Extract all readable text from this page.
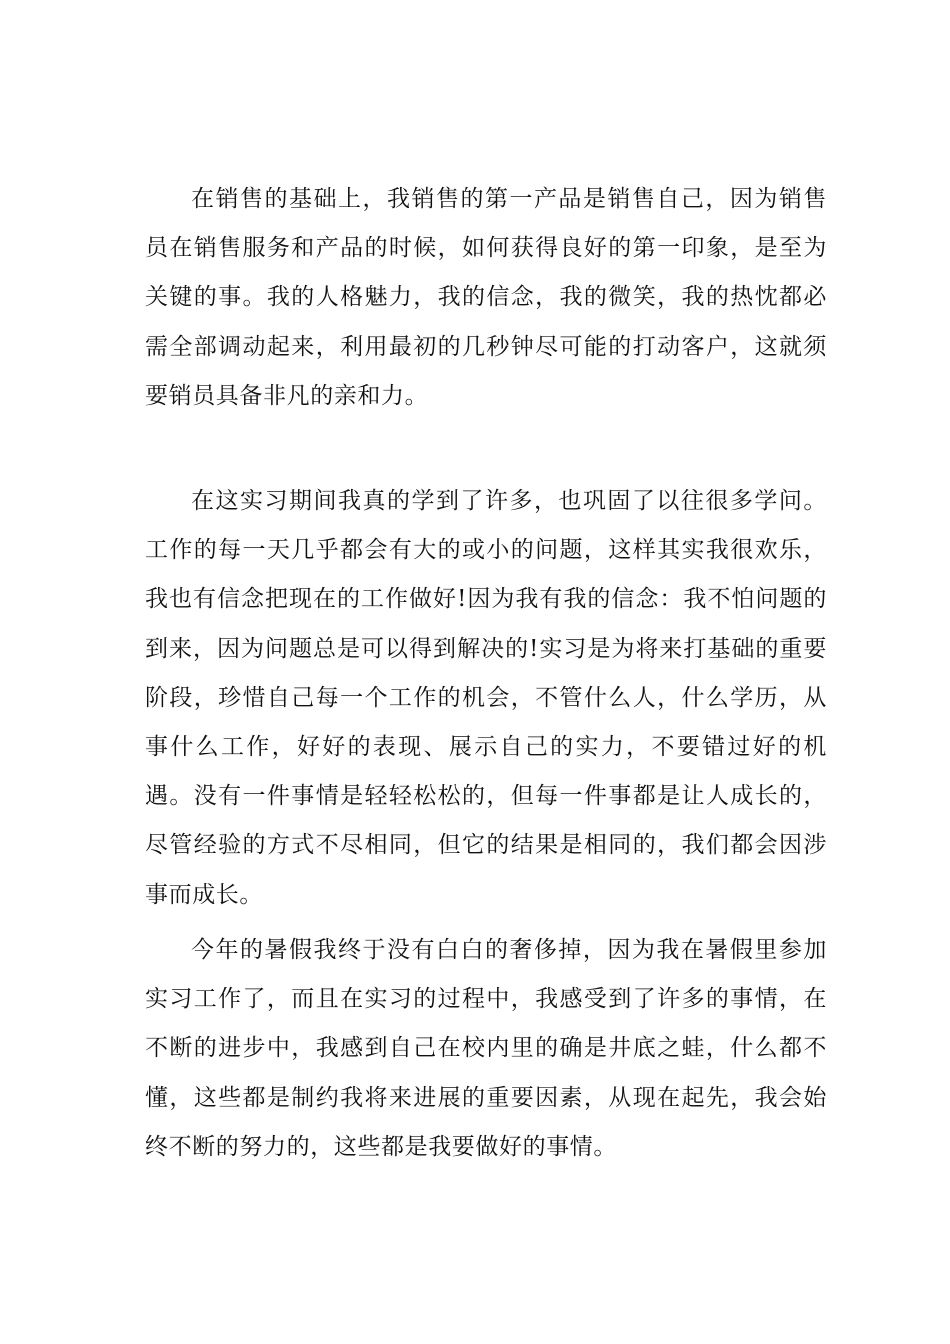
在销售的基础上，我销售的第一产品是销售自己，因为销售员在销售服务和产品的时候，如何获得良好的第一印象，是至为关键的事。我的人格魅力，我的信念，我的微笑，我的热忱都必需全部调动起来，利用最初的几秒钟尽可能的打动客户，这就须要销员具备非凡的亲和力。

在这实习期间我真的学到了许多，也巩固了以往很多学问。工作的每一天几乎都会有大的或小的问题，这样其实我很欢乐，我也有信念把现在的工作做好!因为我有我的信念：我不怕问题的到来，因为问题总是可以得到解决的!实习是为将来打基础的重要阶段，珍惜自己每一个工作的机会，不管什么人，什么学历，从事什么工作，好好的表现、展示自己的实力，不要错过好的机遇。没有一件事情是轻轻松松的，但每一件事都是让人成长的，尽管经验的方式不尽相同，但它的结果是相同的，我们都会因涉事而成长。

今年的暑假我终于没有白白的奢侈掉，因为我在暑假里参加实习工作了，而且在实习的过程中，我感受到了许多的事情，在不断的进步中，我感到自己在校内里的确是井底之蛙，什么都不懂，这些都是制约我将来进展的重要因素，从现在起先，我会始终不断的努力的，这些都是我要做好的事情。
